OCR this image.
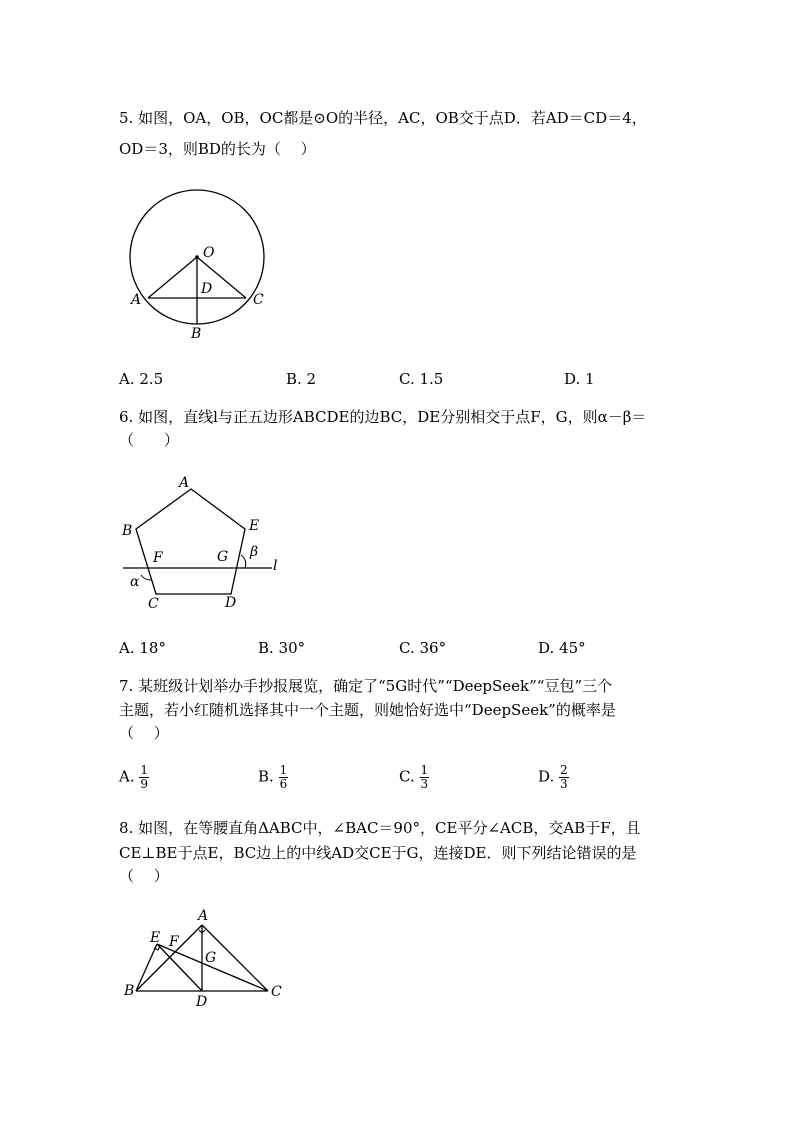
5. 如图，OA，OB，OC都是⊙O的半径，AC，OB交于点D．若AD＝CD＝4，
OD＝3，则BD的长为（　 ）
O
A	C
D
B
A. 2.5	B. 2	C. 1.5	D. 1
6. 如图，直线l与正五边形ABCDE的边BC，DE分别相交于点F，G，则α－β＝
（　　）
A
B	E
F	G β
l
α
C	D
A. 18°	B. 30°	C. 36°	D. 45°
7. 某班级计划举办手抄报展览，确定了“5G时代”“DeepSeek”“豆包”三个
主题，若小红随机选择其中一个主题，则她恰好选中“DeepSeek”的概率是
（　 ）
A. $\frac{1}{9}$	B. $\frac{1}{6}$	C. $\frac{1}{3}$	D. $\frac{2}{3}$
8. 如图，在等腰直角ΔABC中，∠BAC＝90°，CE平分∠ACB，交AB于F，且
CE⊥BE于点E，BC边上的中线AD交CE于G，连接DE．则下列结论错误的是
（　 ）
A
E F
G
B	C
D
